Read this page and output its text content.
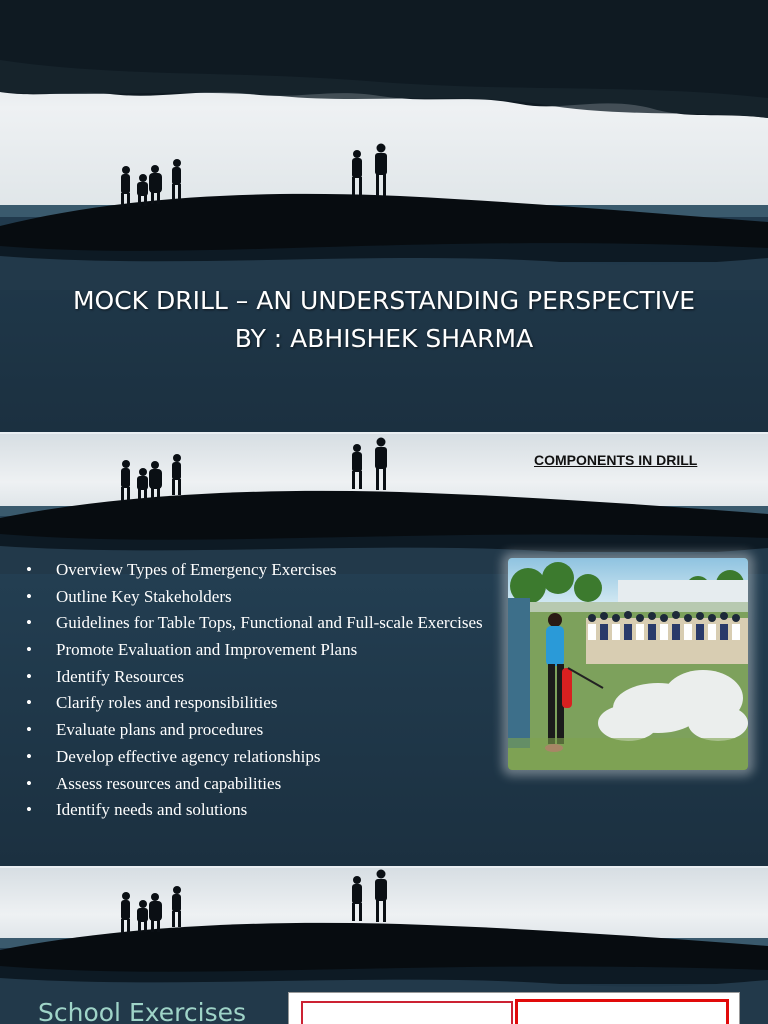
MOCK DRILL – AN UNDERSTANDING PERSPECTIVE
BY : ABHISHEK SHARMA
COMPONENTS IN DRILL
• Overview Types of Emergency Exercises
• Outline Key Stakeholders
• Guidelines for Table Tops, Functional and Full-scale Exercises
• Promote Evaluation and Improvement Plans
• Identify Resources
• Clarify roles and responsibilities
• Evaluate plans and procedures
• Develop effective agency relationships
• Assess resources and capabilities
• Identify needs and solutions
School Exercises
